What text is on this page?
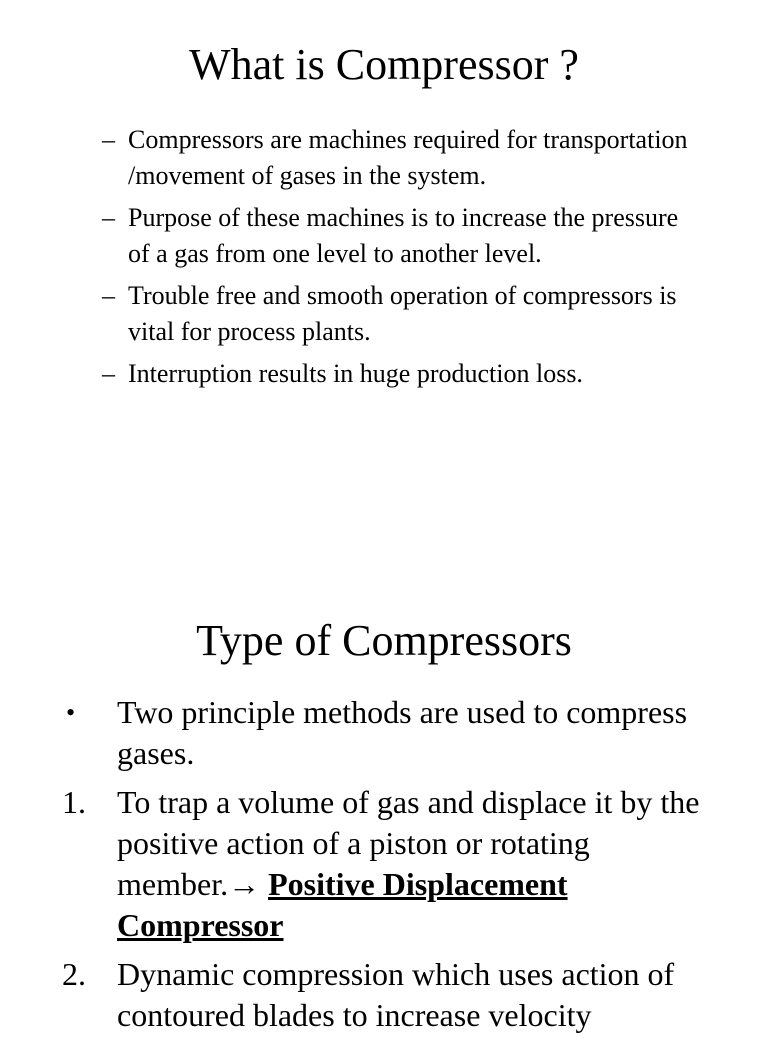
What is Compressor ?
– Compressors are machines required for transportation /movement of gases in the system.
– Purpose of these machines is to increase the pressure of a gas from one level to another level.
– Trouble free and smooth operation of compressors is vital for process plants.
– Interruption results in huge production loss.
Type of Compressors
• Two principle methods are used to compress gases.
1. To trap a volume of gas and displace it by the positive action of a piston or rotating member.→ Positive Displacement Compressor
2. Dynamic compression which uses action of contoured blades to increase velocity
